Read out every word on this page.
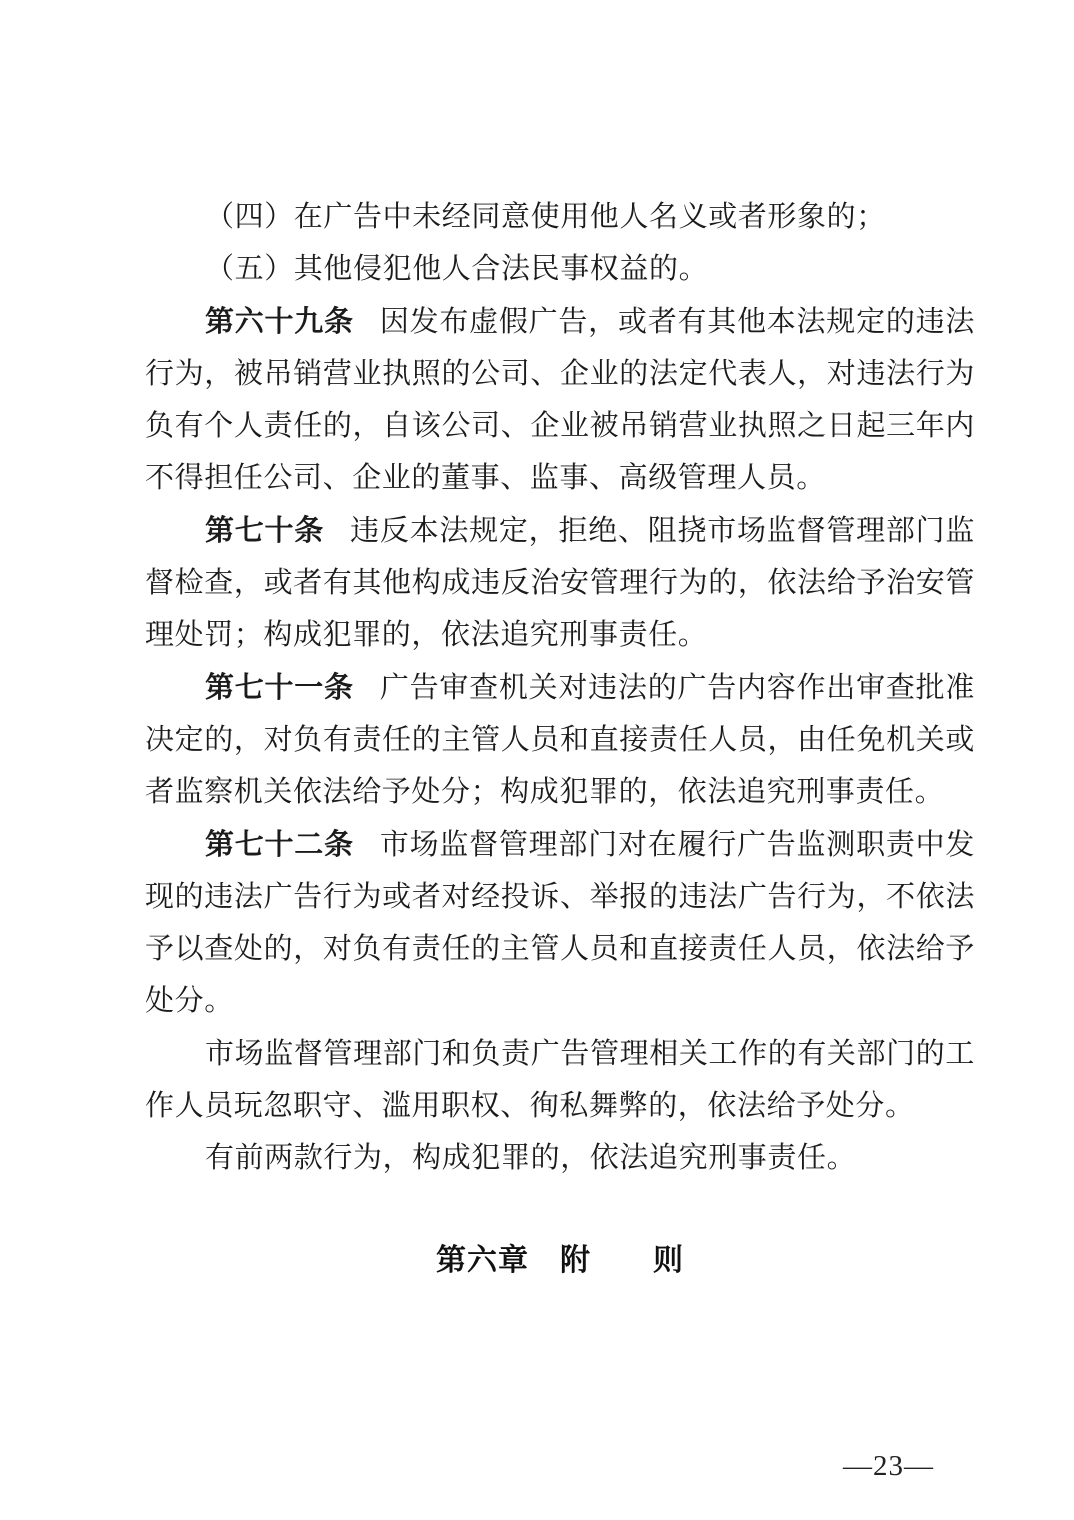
（四）在广告中未经同意使用他人名义或者形象的；

（五）其他侵犯他人合法民事权益的。

第六十九条 因发布虚假广告，或者有其他本法规定的违法行为，被吊销营业执照的公司、企业的法定代表人，对违法行为负有个人责任的，自该公司、企业被吊销营业执照之日起三年内不得担任公司、企业的董事、监事、高级管理人员。

第七十条 违反本法规定，拒绝、阻挠市场监督管理部门监督检查，或者有其他构成违反治安管理行为的，依法给予治安管理处罚；构成犯罪的，依法追究刑事责任。

第七十一条 广告审查机关对违法的广告内容作出审查批准决定的，对负有责任的主管人员和直接责任人员，由任免机关或者监察机关依法给予处分；构成犯罪的，依法追究刑事责任。

第七十二条 市场监督管理部门对在履行广告监测职责中发现的违法广告行为或者对经投诉、举报的违法广告行为，不依法予以查处的，对负有责任的主管人员和直接责任人员，依法给予处分。

市场监督管理部门和负责广告管理相关工作的有关部门的工作人员玩忽职守、滥用职权、徇私舞弊的，依法给予处分。

有前两款行为，构成犯罪的，依法追究刑事责任。

第六章　附　　则
—23—
